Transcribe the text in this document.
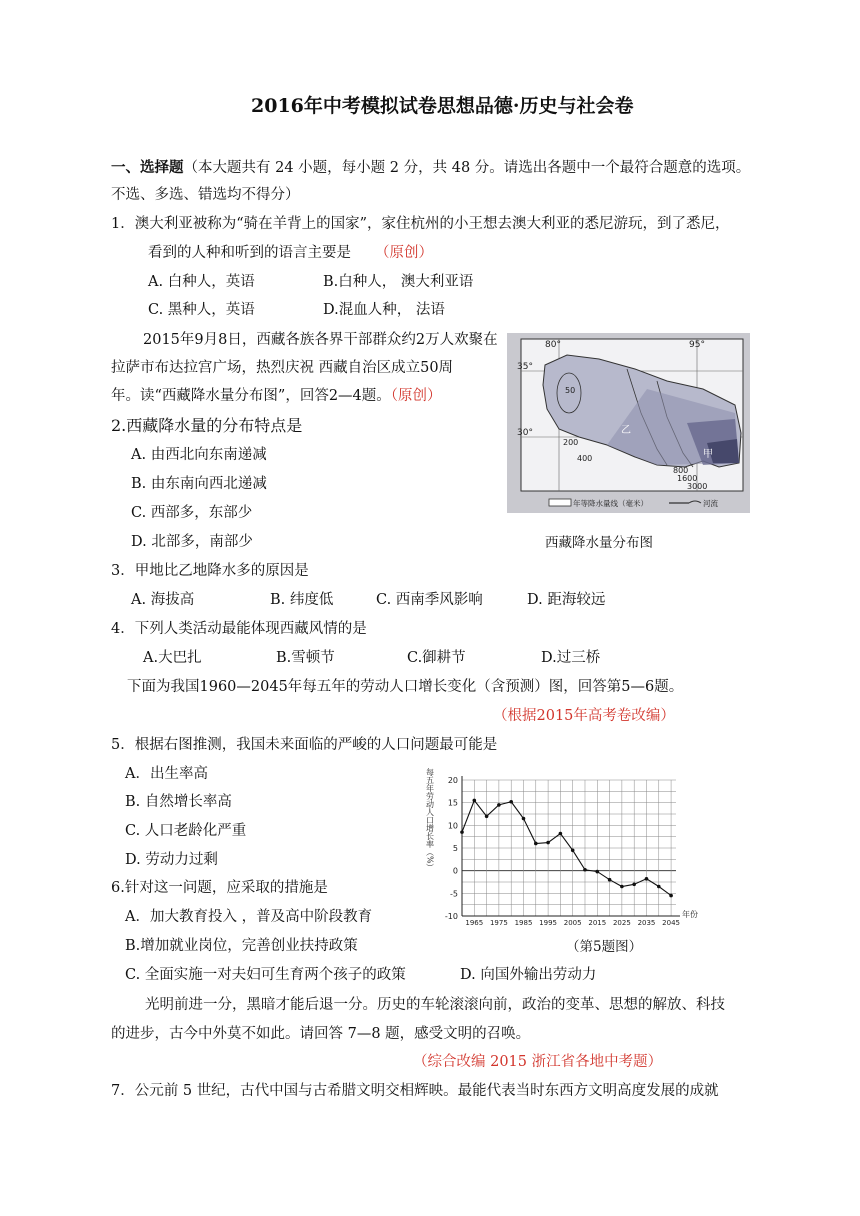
2016年中考模拟试卷思想品德·历史与社会卷
一、选择题（本大题共有 24 小题，每小题 2 分，共 48 分。请选出各题中一个最符合题意的选项。
不选、多选、错选均不得分）
1．澳大利亚被称为“骑在羊背上的国家”，家住杭州的小王想去澳大利亚的悉尼游玩，到了悉尼，
看到的人种和听到的语言主要是 （原创）
A. 白种人，英语	B.白种人， 澳大利亚语
C. 黑种人，英语	D.混血人种， 法语
2015年9月8日，西藏各族各界干部群众约2万人欢聚在
拉萨市布达拉宫广场，热烈庆祝 西藏自治区成立50周
年。读“西藏降水量分布图”，回答2—4题。（原创）
35°
30°
80°	95°
50
200
400
800
1600
3000
乙
甲
年等降水量线（毫米）	河流
西藏降水量分布图
2.西藏降水量的分布特点是
A. 由西北向东南递减
B. 由东南向西北递减
C. 西部多，东部少
D. 北部多，南部少
3．甲地比乙地降水多的原因是
A. 海拔高	B. 纬度低	C. 西南季风影响	D. 距海较远
4．下列人类活动最能体现西藏风情的是
A.大巴扎	B.雪顿节	C.御耕节	D.过三桥
下面为我国1960—2045年每五年的劳动人口增长变化（含预测）图，回答第5—6题。
（根据2015年高考卷改编）
5．根据右图推测，我国未来面临的严峻的人口问题最可能是
A．出生率高
B. 自然增长率高
C. 人口老龄化严重
D. 劳动力过剩
6.针对这一问题，应采取的措施是
A．加大教育投入 ，普及高中阶段教育
B.增加就业岗位，完善创业扶持政策
C. 全面实施一对夫妇可生育两个孩子的政策	D. 向国外输出劳动力
20
15
10
5
0
-5
-10
1965 1975 1985 1995 2005 2015 2025 2035 2045
每五年劳动人口增长率（%）
年份
（第5题图）
光明前进一分，黑暗才能后退一分。历史的车轮滚滚向前，政治的变革、思想的解放、科技
的进步，古今中外莫不如此。请回答 7—8 题，感受文明的召唤。
（综合改编 2015 浙江省各地中考题）
7．公元前 5 世纪，古代中国与古希腊文明交相辉映。最能代表当时东西方文明高度发展的成就
